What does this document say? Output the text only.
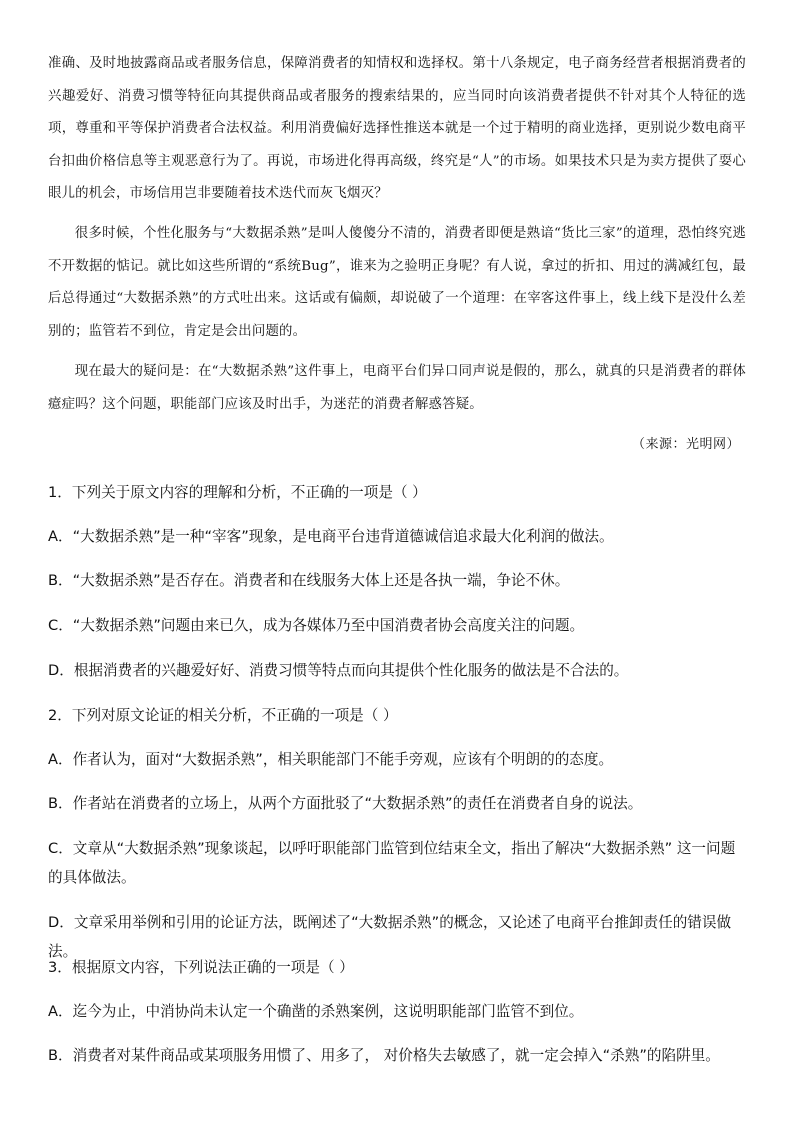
准确、及时地披露商品或者服务信息，保障消费者的知情权和选择权。第十八条规定，电子商务经营者根据消费者的兴趣爱好、消费习惯等特征向其提供商品或者服务的搜索结果的，应当同时向该消费者提供不针对其个人特征的选项，尊重和平等保护消费者合法权益。利用消费偏好选择性推送本就是一个过于精明的商业选择，更别说少数电商平台扣曲价格信息等主观恶意行为了。再说，市场进化得再高级，终究是“人”的市场。如果技术只是为卖方提供了耍心眼儿的机会，市场信用岂非要随着技术迭代而灰飞烟灭？
很多时候，个性化服务与“大数据杀熟”是叫人傻傻分不清的，消费者即便是熟谙“货比三家”的道理，恐怕终究逃不开数据的惦记。就比如这些所谓的“系统Bug”，谁来为之验明正身呢？有人说，拿过的折扣、用过的满减红包，最后总得通过“大数据杀熟”的方式吐出来。这话或有偏颇，却说破了一个道理：在宰客这件事上，线上线下是没什么差别的；监管若不到位，肯定是会出问题的。
现在最大的疑问是：在“大数据杀熟”这件事上，电商平台们异口同声说是假的，那么，就真的只是消费者的群体癔症吗？这个问题，职能部门应该及时出手，为迷茫的消费者解惑答疑。
（来源：光明网）
1．下列关于原文内容的理解和分析，不正确的一项是（ ）
A．“大数据杀熟”是一种“宰客”现象，是电商平台违背道德诚信追求最大化利润的做法。
B．“大数据杀熟”是否存在。消费者和在线服务大体上还是各执一端，争论不休。
C．“大数据杀熟”问题由来已久，成为各媒体乃至中国消费者协会高度关注的问题。
D．根据消费者的兴趣爱好好、消费习惯等特点而向其提供个性化服务的做法是不合法的。
2．下列对原文论证的相关分析，不正确的一项是（ ）
A．作者认为，面对“大数据杀熟”，相关职能部门不能手旁观，应该有个明朗的的态度。
B．作者站在消费者的立场上，从两个方面批驳了“大数据杀熟”的责任在消费者自身的说法。
C．文章从“大数据杀熟”现象谈起，以呼吁职能部门监管到位结束全文，指出了解决“大数据杀熟” 这一问题的具体做法。
D．文章采用举例和引用的论证方法，既阐述了“大数据杀熟”的概念，又论述了电商平台推卸责任的错误做法。
3．根据原文内容，下列说法正确的一项是（ ）
A．迄今为止，中消协尚未认定一个确凿的杀熟案例，这说明职能部门监管不到位。
B．消费者对某件商品或某项服务用惯了、用多了， 对价格失去敏感了，就一定会掉入“杀熟”的陷阱里。
